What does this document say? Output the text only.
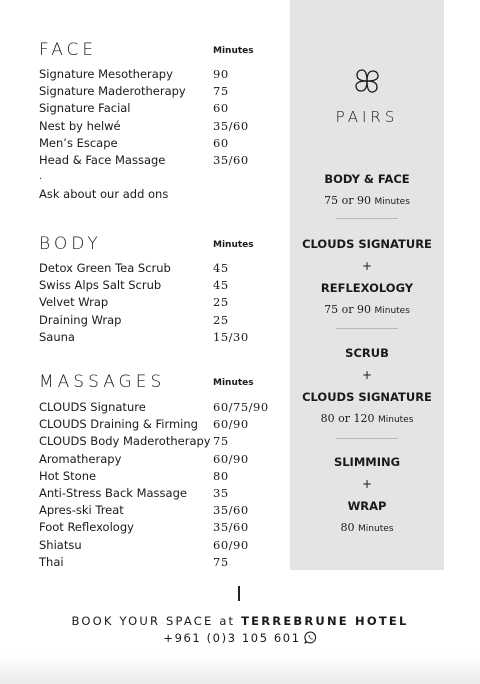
FACE	Minutes
Signature Mesotherapy	90
Signature Maderotherapy 75
Signature Facial	60
Nest by helwé	35/60
Men’s Escape	60
Head & Face Massage	35/60
.
Ask about our add ons
BODY	Minutes
Detox Green Tea Scrub	45
Swiss Alps Salt Scrub	45
Velvet Wrap	25
Draining Wrap	25
Sauna	15/30
MASSAGES	Minutes
CLOUDS Signature	60/75/90
CLOUDS Draining & Firming 60/90
CLOUDS Body Maderotherapy 75
Aromatherapy	60/90
Hot Stone	80
Anti-Stress Back Massage 35
Apres-ski Treat	35/60
Foot Reflexology	35/60
Shiatsu	60/90
Thai	75
PAIRS
BODY & FACE
75 or 90 Minutes
CLOUDS SIGNATURE
+
REFLEXOLOGY
75 or 90 Minutes
SCRUB
+
CLOUDS SIGNATURE
80 or 120 Minutes
SLIMMING
+
WRAP
80 Minutes
BOOK YOUR SPACE at TERREBRUNE HOTEL
+961 (0)3 105 601
